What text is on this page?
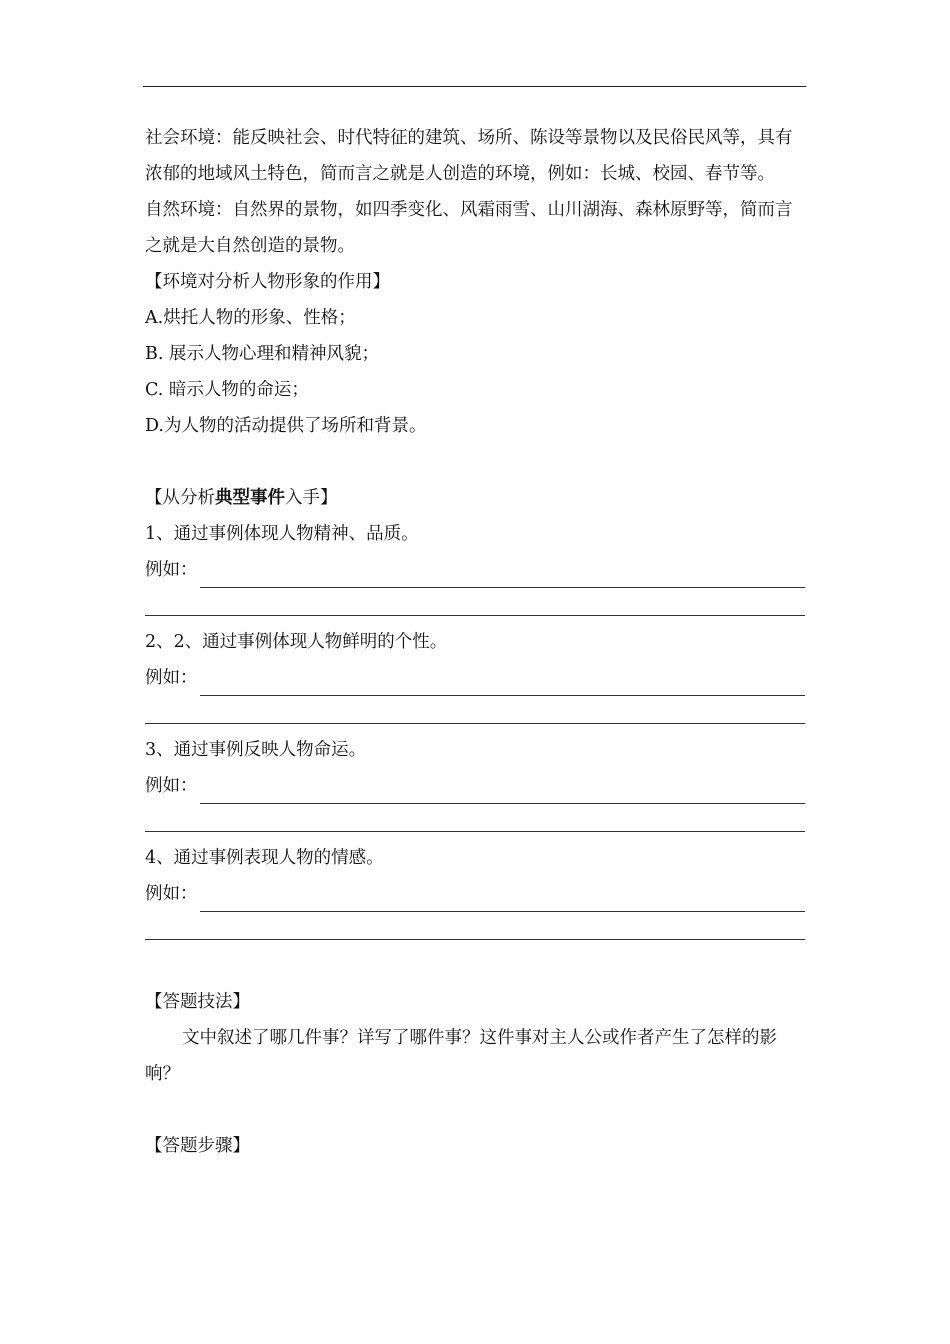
社会环境：能反映社会、时代特征的建筑、场所、陈设等景物以及民俗民风等，具有浓郁的地域风土特色，简而言之就是人创造的环境，例如：长城、校园、春节等。

自然环境：自然界的景物，如四季变化、风霜雨雪、山川湖海、森林原野等，简而言之就是大自然创造的景物。

【环境对分析人物形象的作用】

A.烘托人物的形象、性格；

B. 展示人物心理和精神风貌；

C. 暗示人物的命运；

D.为人物的活动提供了场所和背景。

【从分析典型事件入手】

1、通过事例体现人物精神、品质。

例如：

2、2、通过事例体现人物鲜明的个性。

例如：

3、通过事例反映人物命运。

例如：

4、通过事例表现人物的情感。

例如：

【答题技法】

文中叙述了哪几件事？详写了哪件事？这件事对主人公或作者产生了怎样的影响？

【答题步骤】
